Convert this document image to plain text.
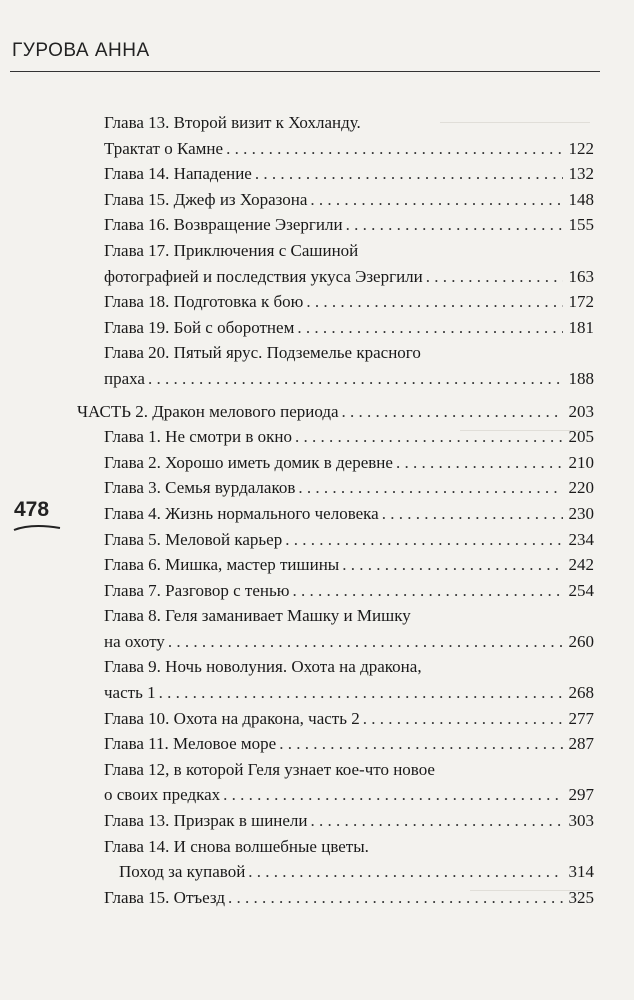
ГУРОВА АННА
478
Глава 13. Второй визит к Хохланду.
Трактат о Камне . . .	122
Глава 14. Нападение . . .	132
Глава 15. Джеф из Хоразона . . .	148
Глава 16. Возвращение Эзергили . . .	155
Глава 17. Приключения с Сашиной
фотографией и последствия укуса Эзергили . . .	163
Глава 18. Подготовка к бою . . .	172
Глава 19. Бой с оборотнем . . .	181
Глава 20. Пятый ярус. Подземелье красного
праха . . .	188
ЧАСТЬ 2. Дракон мелового периода . . .	203
Глава 1. Не смотри в окно . . .	205
Глава 2. Хорошо иметь домик в деревне . . .	210
Глава 3. Семья вурдалаков . . .	220
Глава 4. Жизнь нормального человека . . .	230
Глава 5. Меловой карьер . . .	234
Глава 6. Мишка, мастер тишины . . .	242
Глава 7. Разговор с тенью . . .	254
Глава 8. Геля заманивает Машку и Мишку
на охоту . . .	260
Глава 9. Ночь новолуния. Охота на дракона,
часть 1 . . .	268
Глава 10. Охота на дракона, часть 2 . . .	277
Глава 11. Меловое море . . .	287
Глава 12, в которой Геля узнает кое-что новое
о своих предках . . .	297
Глава 13. Призрак в шинели . . .	303
Глава 14. И снова волшебные цветы.
Поход за купавой . . .	314
Глава 15. Отъезд . . .	325
